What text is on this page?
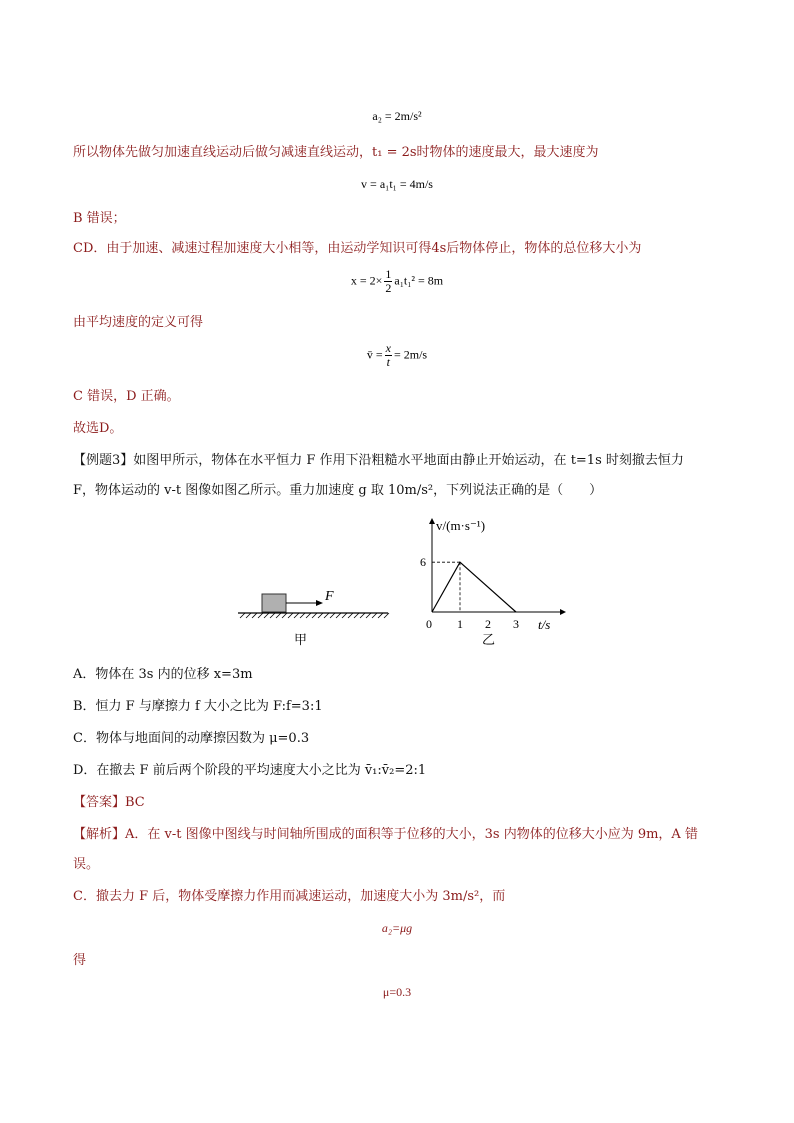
a₂ = 2m/s²
所以物体先做匀加速直线运动后做匀减速直线运动，t₁ = 2s时物体的速度最大，最大速度为
v = a₁t₁ = 4m/s
B 错误；
CD．由于加速、减速过程加速度大小相等，由运动学知识可得4s后物体停止，物体的总位移大小为
$x = 2\times \frac{1}{2} a_1t_1^2 = 8m$
由平均速度的定义可得
v̄ = $\frac{x}{t} = 2m/s$
C 错误，D 正确。
故选D。
【例题3】如图甲所示，物体在水平恒力 F 作用下沿粗糙水平地面由静止开始运动，在 t=1s 时刻撤去恒力
F，物体运动的 v-t 图像如图乙所示。重力加速度 g 取 10m/s²，下列说法正确的是（　　）
F
甲
v/(m·s⁻¹)
t/s
0
6
1 2 3
乙
A．物体在 3s 内的位移 x=3m
B．恒力 F 与摩擦力 f 大小之比为 F:f=3:1
C．物体与地面间的动摩擦因数为 μ=0.3
D．在撤去 F 前后两个阶段的平均速度大小之比为 v̄₁:v̄₂=2:1
【答案】BC
【解析】A．在 v-t 图像中图线与时间轴所围成的面积等于位移的大小，3s 内物体的位移大小应为 9m，A 错
误。
C．撤去力 F 后，物体受摩擦力作用而减速运动，加速度大小为 3m/s²，而
a₂=μg
得
μ=0.3
